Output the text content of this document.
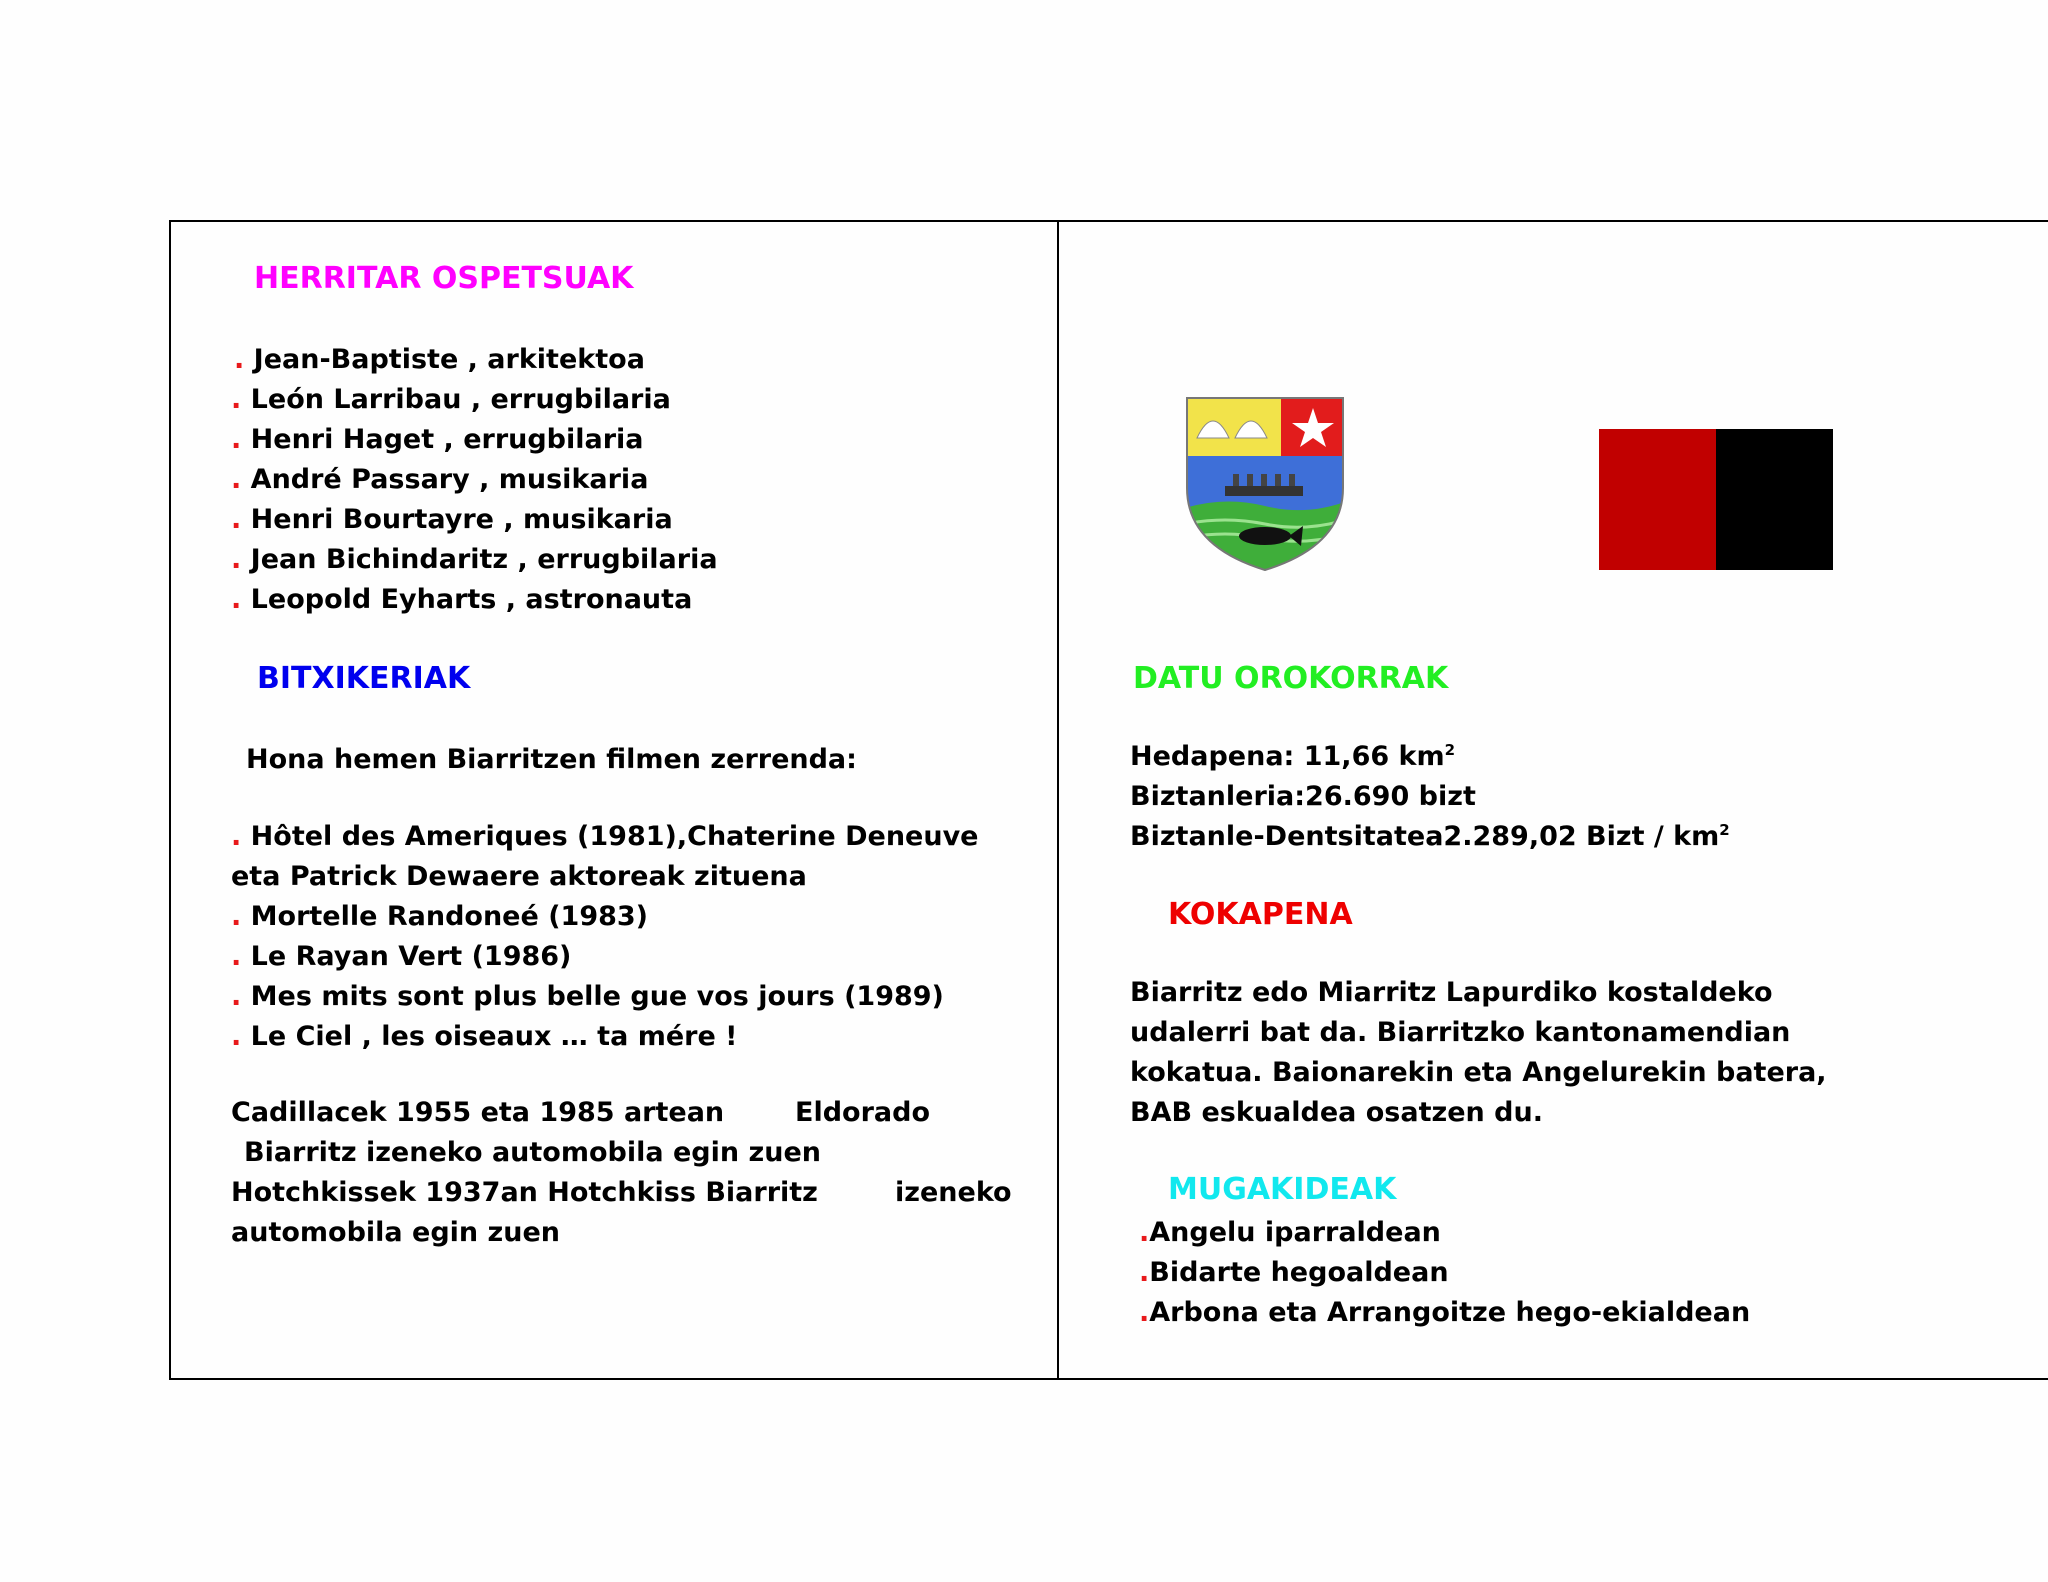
HERRITAR OSPETSUAK
. Jean-Baptiste , arkitektoa
. León Larribau , errugbilaria
. Henri Haget , errugbilaria
. André Passary , musikaria
. Henri Bourtayre , musikaria
. Jean Bichindaritz , errugbilaria
. Leopold Eyharts , astronauta
BITXIKERIAK
Hona hemen Biarritzen filmen zerrenda:
. Hôtel des Ameriques (1981),Chaterine Deneuve
eta Patrick Dewaere aktoreak zituena
. Mortelle Randoneé (1983)
. Le Rayan Vert (1986)
. Mes mits sont plus belle gue vos jours (1989)
. Le Ciel , les oiseaux … ta mére !
Cadillacek 1955 eta 1985 artean	Eldorado
Biarritz izeneko automobila egin zuen
Hotchkissek 1937an Hotchkiss Biarritz	izeneko
automobila egin zuen
DATU OROKORRAK
Hedapena: 11,66 $km^2$
Biztanleria:26.690 bizt
Biztanle-Dentsitatea2.289,02 Bizt / $km^2$
KOKAPENA
Biarritz edo Miarritz Lapurdiko kostaldeko
udalerri bat da. Biarritzko kantonamendian
kokatua. Baionarekin eta Angelurekin batera,
BAB eskualdea osatzen du.
MUGAKIDEAK
.Angelu iparraldean
.Bidarte hegoaldean
.Arbona eta Arrangoitze hego-ekialdean
